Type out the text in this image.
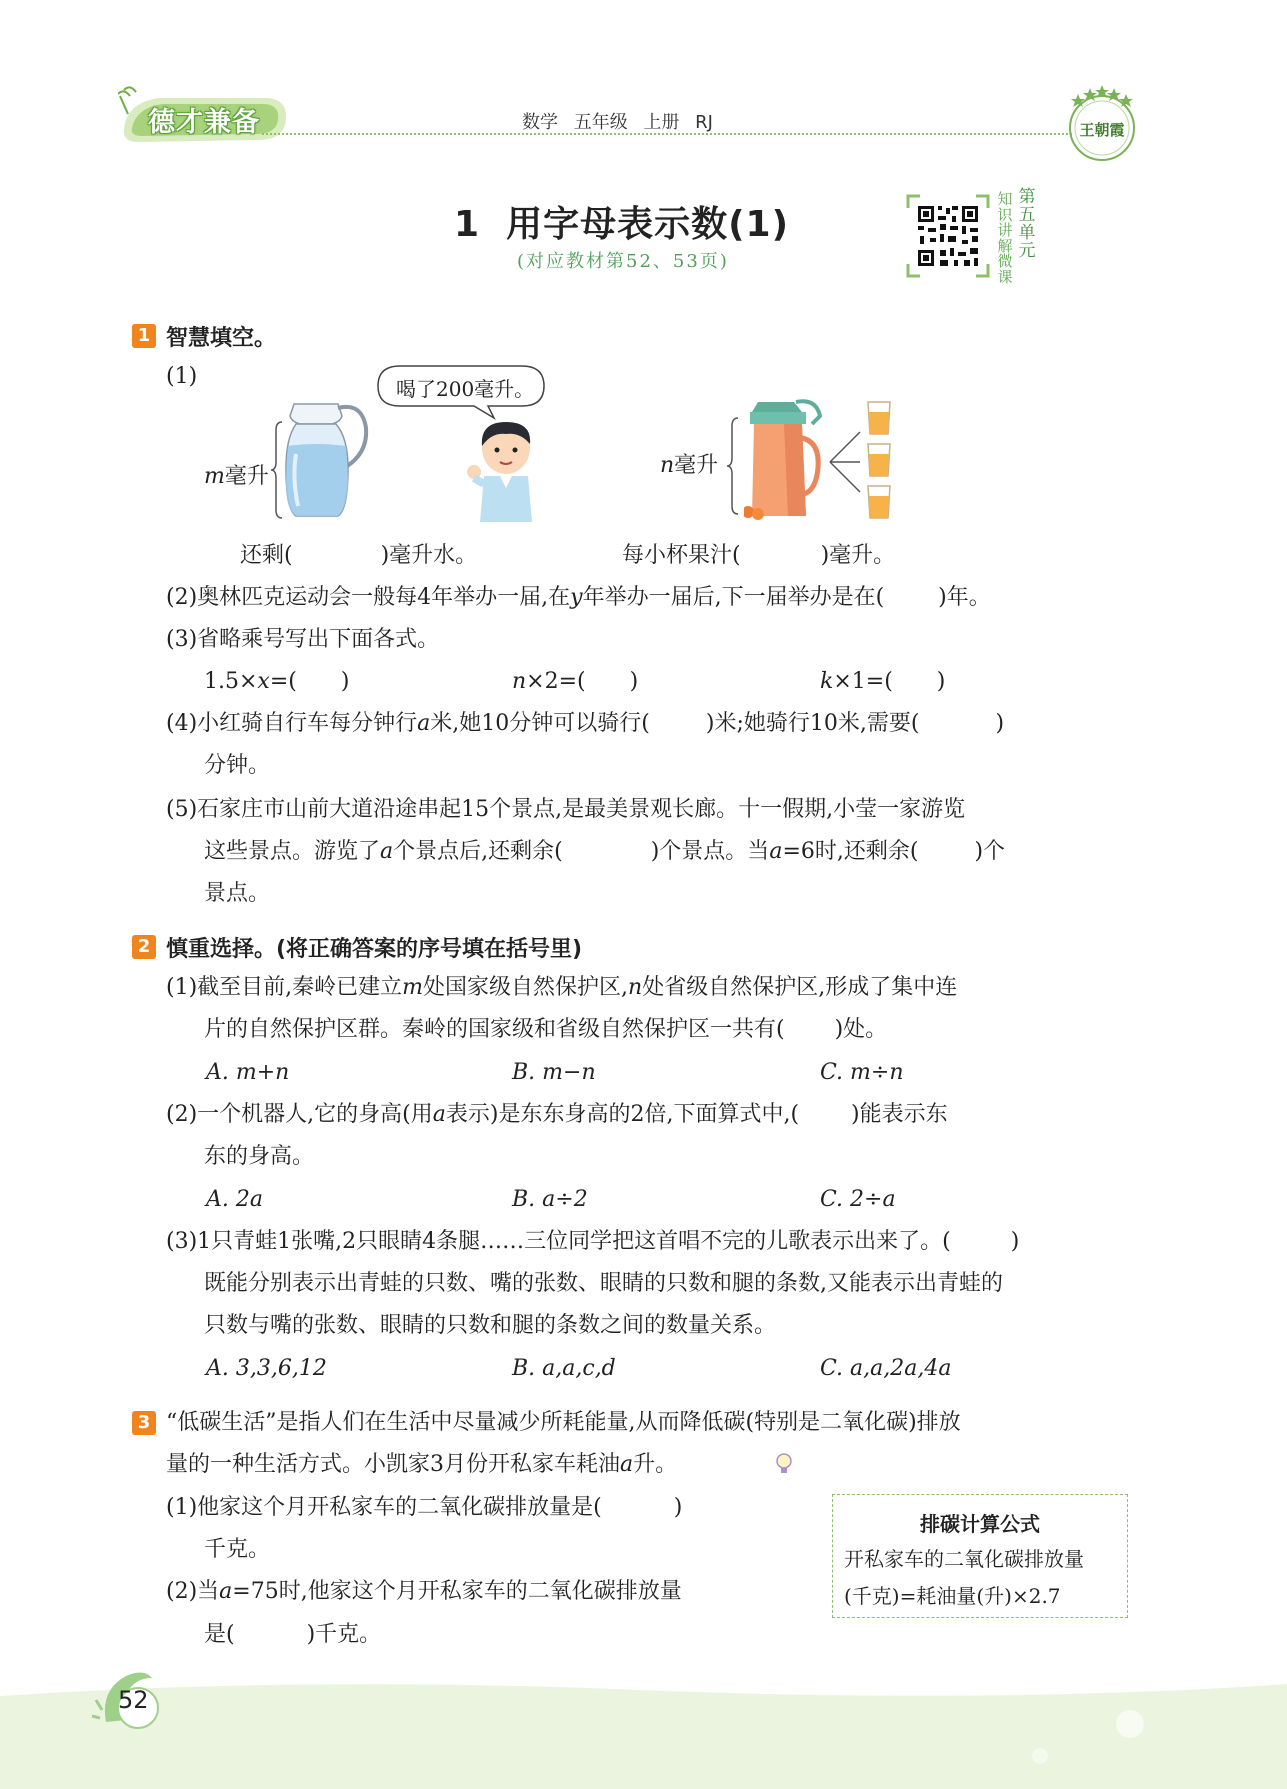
德才兼备	数学 五年级 上册 RJ	王朝霞
1 用字母表示数(1)
(对应教材第52、53页)
第五单元
知识讲解微课
1 智慧填空。
(1)	喝了200毫升。
m毫升	n毫升
还剩(	)毫升水。	每小杯果汁(	)毫升。
(2)奥林匹克运动会一般每4年举办一届,在y年举办一届后,下一届举办是在( )年。
(3)省略乘号写出下面各式。
1.5×x=( )	n×2=( )	k×1=( )
(4)小红骑自行车每分钟行a米,她10分钟可以骑行(	)米;她骑行10米,需要(	)
分钟。
(5)石家庄市山前大道沿途串起15个景点,是最美景观长廊。十一假期,小莹一家游览
这些景点。游览了a个景点后,还剩余(	)个景点。当a=6时,还剩余(	)个
景点。
2 慎重选择。(将正确答案的序号填在括号里)
(1)截至目前,秦岭已建立m处国家级自然保护区,n处省级自然保护区,形成了集中连
片的自然保护区群。秦岭的国家级和省级自然保护区一共有( )处。
A. m+n	B. m−n	C. m÷n
(2)一个机器人,它的身高(用a表示)是东东身高的2倍,下面算式中,( )能表示东
东的身高。
A. 2a	B. a÷2	C. 2÷a
(3)1只青蛙1张嘴,2只眼睛4条腿……三位同学把这首唱不完的儿歌表示出来了。(	)
既能分别表示出青蛙的只数、嘴的张数、眼睛的只数和腿的条数,又能表示出青蛙的
只数与嘴的张数、眼睛的只数和腿的条数之间的数量关系。
A. 3,3,6,12	B. a,a,c,d	C. a,a,2a,4a
3 “低碳生活”是指人们在生活中尽量减少所耗能量,从而降低碳(特别是二氧化碳)排放
量的一种生活方式。小凯家3月份开私家车耗油a升。
(1)他家这个月开私家车的二氧化碳排放量是(	)
千克。
(2)当a=75时,他家这个月开私家车的二氧化碳排放量
是(	)千克。
排碳计算公式
开私家车的二氧化碳排放量
(千克)=耗油量(升)×2.7
52
